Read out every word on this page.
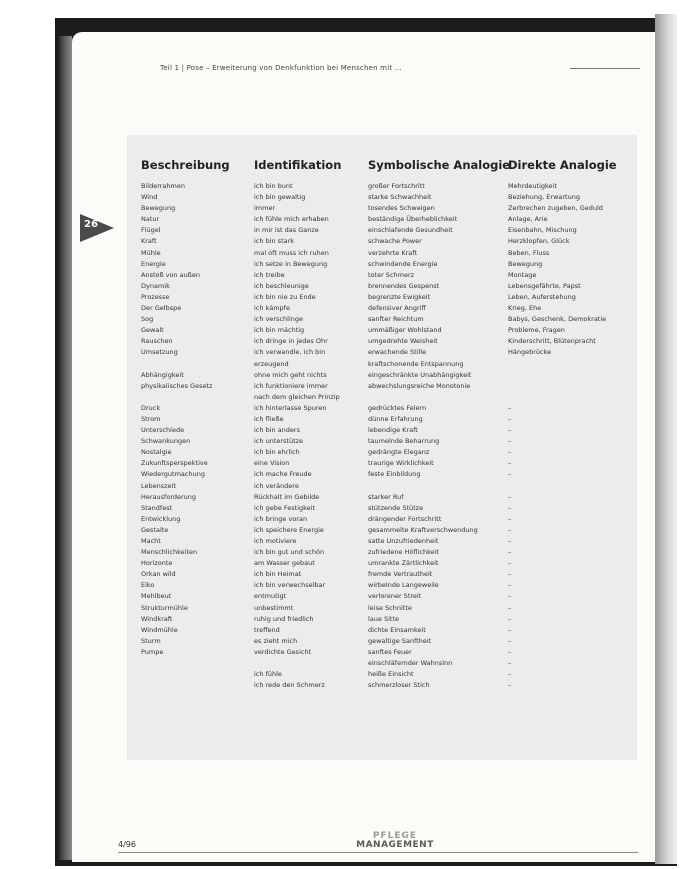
Teil 1 | Pose – Erweiterung von Denkfunktion bei Menschen mit ...
26
Beschreibung Identifikation Symbolische Analogie
Direkte Analogie
Bilderrahmen
Wind
Bewegung
Natur
Flügel
Kraft
Mühle
Energie
Anstoß von außen
Dynamik
Prozesse
Der Gelbspe
Sog
Gewalt
Rauschen
Umsetzung
Abhängigkeit
physikalisches Gesetz
Druck
Strom
Unterschiede
Schwankungen
Nostalgie
Zukunftsperspektive
Wiedergutmachung
Lebenszeit
Herausforderung
Standfest
Entwicklung
Gestalte
Macht
Menschlichkeiten
Horizonte
Orkan wild
Eiko
Mehlbeut
Strukturmühle
Windkraft
Windmühle
Sturm
Pumpe
ich bin bunt
ich bin gewaltig
immer
ich fühle mich erhaben
in mir ist das Ganze
ich bin stark
mal oft muss ich ruhen
ich setze in Bewegung
ich treibe
ich beschleunige
ich bin nie zu Ende
ich kämpfe
ich verschlinge
ich bin mächtig
ich dringe in jedes Ohr
ich verwandle, ich bin
erzeugend
ohne mich geht nichts
ich funktioniere immer
nach dem gleichen Prinzip
ich hinterlasse Spuren
ich fließe
ich bin anders
ich unterstütze
ich bin ehrlich
eine Vision
ich mache Freude
ich verändere
Rückhalt im Gebilde
ich gebe Festigkeit
ich bringe voran
ich speichere Energie
ich motiviere
ich bin gut und schön
am Wasser gebaut
ich bin Heimat
ich bin verwechselbar
entmutigt
unbestimmt
ruhig und friedlich
treffend
es zieht mich
verdichte Gesicht
ich fühle
ich rede den Schmerz
großer Fortschritt
starke Schwachheit
tosendes Schweigen
beständige Überheblichkeit
einschlafende Gesundheit
schwache Power
verzehrte Kraft
schwindende Energie
toter Schmerz
brennendes Gespenst
begrenzte Ewigkeit
defensiver Angriff
sanfter Reichtum
ummäßiger Wohlstand
umgedrehte Weisheit
erwachende Stille
kraftschonende Entspannung
eingeschränkte Unabhängigkeit
abwechslungsreiche Monotonie
gedrücktes Feiern
dünne Erfahrung
lebendige Kraft
taumelnde Beharrung
gedrängte Eleganz
traurige Wirklichkeit
feste Einbildung
starker Ruf
stützende Stütze
drängender Fortschritt
gesammelte Kraftverschwendung
satte Unzufriedenheit
zufriedene Höflichkeit
umrankte Zärtlichkeit
fremde Vertrautheit
wirbelnde Langeweile
verlorener Streit
leise Schnitte
laue Sitte
dichte Einsamkeit
gewaltige Sanftheit
sanftes Feuer
einschläfernder Wahnsinn
heiße Einsicht
schmerzloser Stich
Mehrdeutigkeit
Beziehung, Erwartung
Zerbrechen zugeben, Geduld
Anlage, Arie
Eisenbahn, Mischung
Herzklopfen, Glück
Beben, Fluss
Bewegung
Montage
Lebensgefährte, Papst
Leben, Auferstehung
Krieg, Ehe
Babys, Geschenk, Demokratie
Probleme, Fragen
Kinderschritt, Blütenpracht
Hängebrücke
–
–
–
–
–
–
–
–
–
–
–
–
–
–
–
–
–
–
–
–
–
–
–
–
–
4/96
PFLEGE
MANAGEMENT
